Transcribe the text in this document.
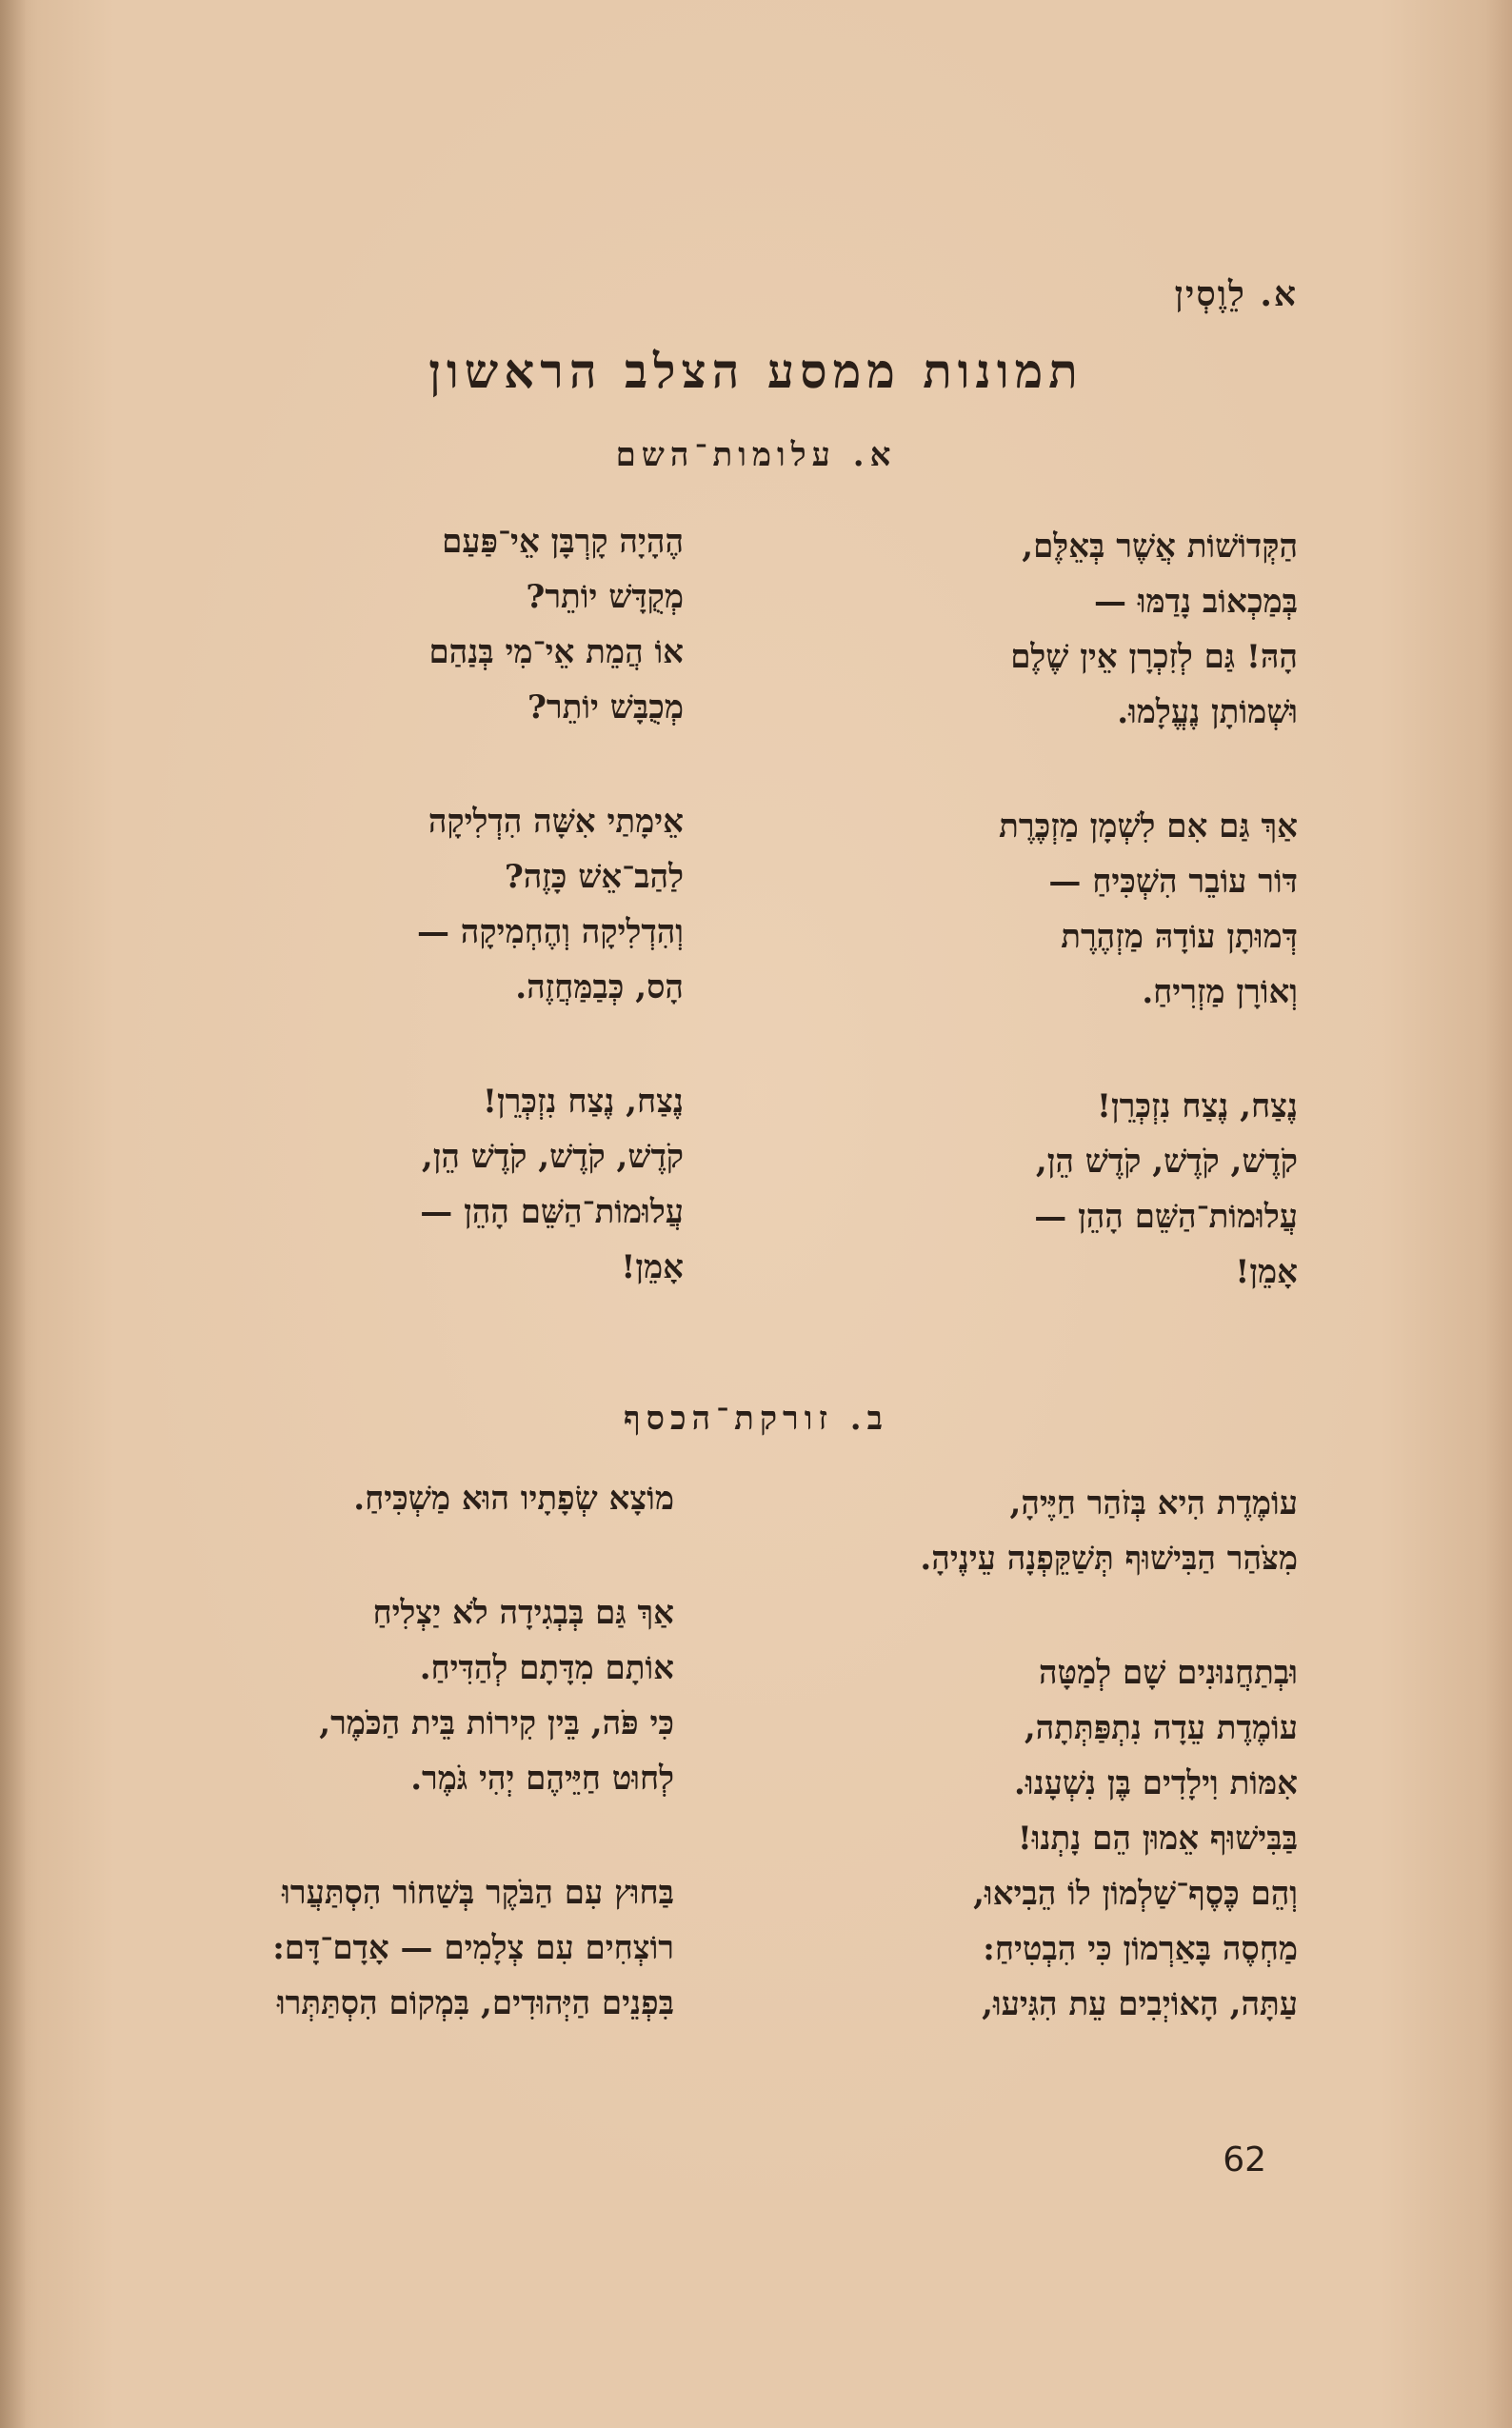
א. לֵוֶסְין
תמונות ממסע הצלב הראשון
א. עלומות־השם
הַקְּדוֹשׁוֹת אֲשֶׁר בְּאֵלֶּם,
בְּמַכְאוֹב נָדַמּוּ —
הָהּ! גַּם לְזִכְרָן אֵין שֶׁלֶם
וּשְׁמוֹתָן נֶעֱלָמוּ.
אַךְ גַּם אִם לִשְׁמָן מַזְכֶּרֶת
דּוֹר עוֹבֵר הִשְׁכִּיחַ —
דְּמוּתָן עוֹדָהּ מַזְהֶרֶת
וְאוֹרָן מַזְרִיחַ.
נֶצַח, נֶצַח נִזְכְּרֵן!
קֹדֶשׁ, קֹדֶשׁ, קֹדֶשׁ הֵן,
עֲלוּמוֹת־הַשֵּׁם הָהֵן —
אָמֵן!
הֶהָיָה קָרְבָּן אֵי־פַּעַם
מְקֻדָּשׁ יוֹתֵר?
אוֹ הֲמֵת אֵי־מִי בְּנַהַם
מְכֻבָּשׁ יוֹתֵר?
אֵימָתַי אִשָּׁה הִדְלִיקָה
לַהַב־אֵשׁ כָּזֶה?
וְהִדְלִיקָה וְהֶחְמִיקָה —
הָס, כְּבַמַּחֲזֶה.
נֶצַח, נֶצַח נִזְכְּרֵן!
קֹדֶשׁ, קֹדֶשׁ, קֹדֶשׁ הֵן,
עֲלוּמוֹת־הַשֵּׁם הָהֵן —
אָמֵן!
ב. זורקת־הכסף
עוֹמֶדֶת הִיא בְּזֹהַר חַיֶּיהָ,
מִצֹּהַר הַבִּישׁוּף תְּשַׁקֵּפְנָה עֵינֶיהָ.
וּבְתַחֲנוּנִים שָׁם לְמַטָּה
עוֹמֶדֶת עֵדָה נִתְפַּתְּתָה,
אִמּוֹת וִילָדִים בֶּן נִשְׁעָנוּ.
בַּבִּישׁוּף אֵמוּן הֵם נָתְנוּ!
וְהֵם כֶּסֶף־שַׁלְמוֹן לוֹ הֵבִיאוּ,
מַחְסֶה בָּאַרְמוֹן כִּי הִבְטִיחַ:
עַתָּה, הָאוֹיְבִים עֵת הִגִּיעוּ,
מוֹצָא שְׂפָתָיו הוּא מַשְׁכִּיחַ.
אַךְ גַּם בְּבְגִידָה לֹא יַצְלִיחַ
אוֹתָם מִדָּתָם לְהַדִּיחַ.
כִּי פֹּה, בֵּין קִירוֹת בֵּית הַכֹּמֶר,
לְחוּט חַיֵּיהֶם יְהִי גֹּמֶר.
בַּחוּץ עִם הַבֹּקֶר בְּשַׁחוֹר הִסְתַּעֲרוּ
רוֹצְחִים עִם צְלָמִים — אָדָם־דָּם:
בִּפְנֵים הַיְּהוּדִים, בִּמְקוֹם הִסְתַּתְּרוּ
62
